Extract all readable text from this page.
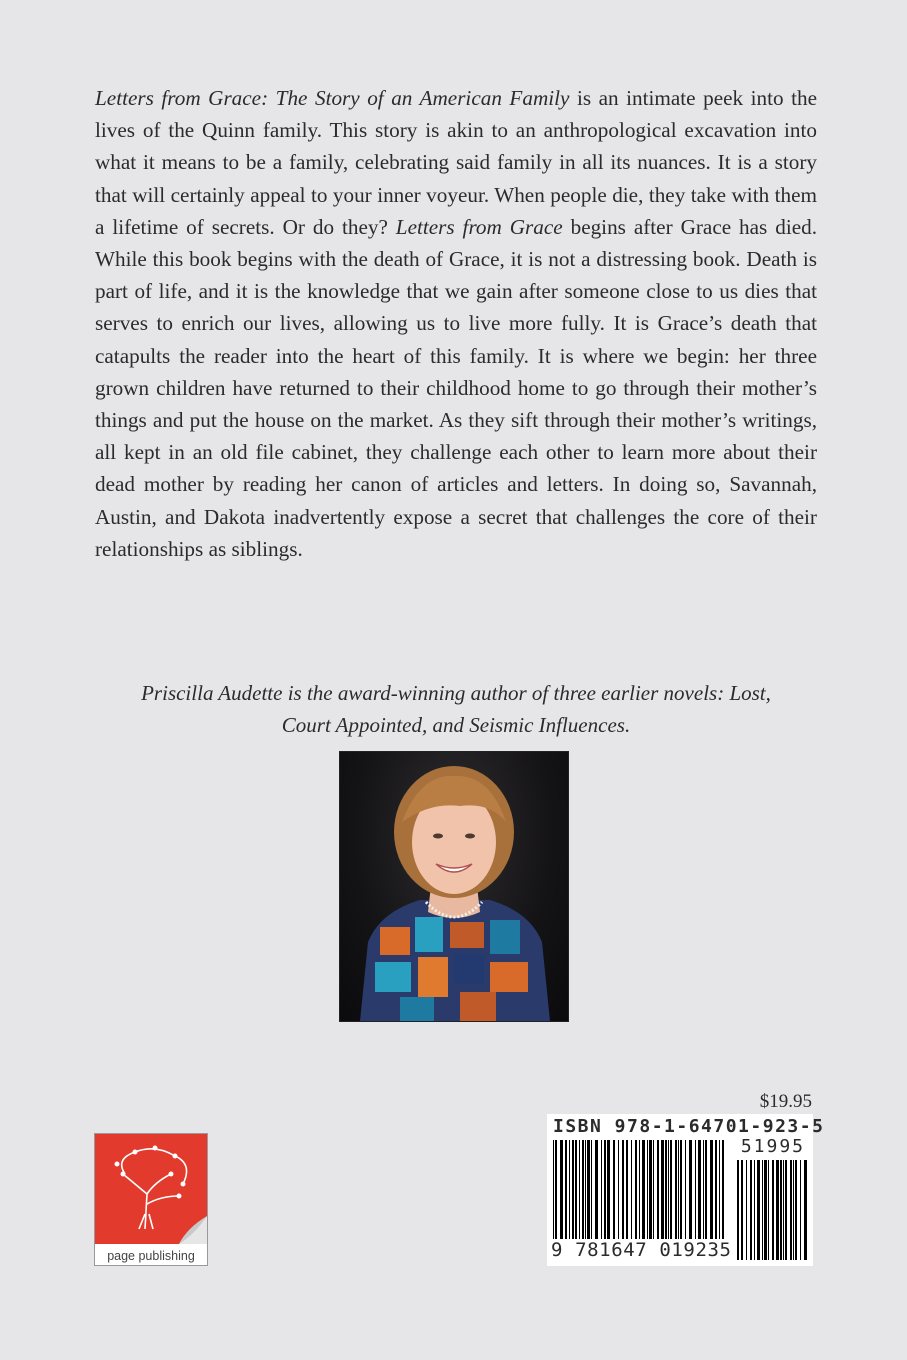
Letters from Grace: The Story of an American Family is an intimate peek into the lives of the Quinn family. This story is akin to an anthropological excavation into what it means to be a family, celebrating said family in all its nuances. It is a story that will certainly appeal to your inner voyeur. When people die, they take with them a lifetime of secrets. Or do they? Letters from Grace begins after Grace has died. While this book begins with the death of Grace, it is not a distressing book. Death is part of life, and it is the knowledge that we gain after someone close to us dies that serves to enrich our lives, allowing us to live more fully. It is Grace’s death that catapults the reader into the heart of this family. It is where we begin: her three grown children have returned to their childhood home to go through their mother’s things and put the house on the market. As they sift through their mother’s writings, all kept in an old file cabinet, they challenge each other to learn more about their dead mother by reading her canon of articles and letters. In doing so, Savannah, Austin, and Dakota inadvertently expose a secret that challenges the core of their relationships as siblings.

Priscilla Audette is the award-winning author of three earlier novels: Lost,
Court Appointed, and Seismic Influences.

$19.95
ISBN 978-1-64701-923-5
51995
9 781647 019235
page publishing
